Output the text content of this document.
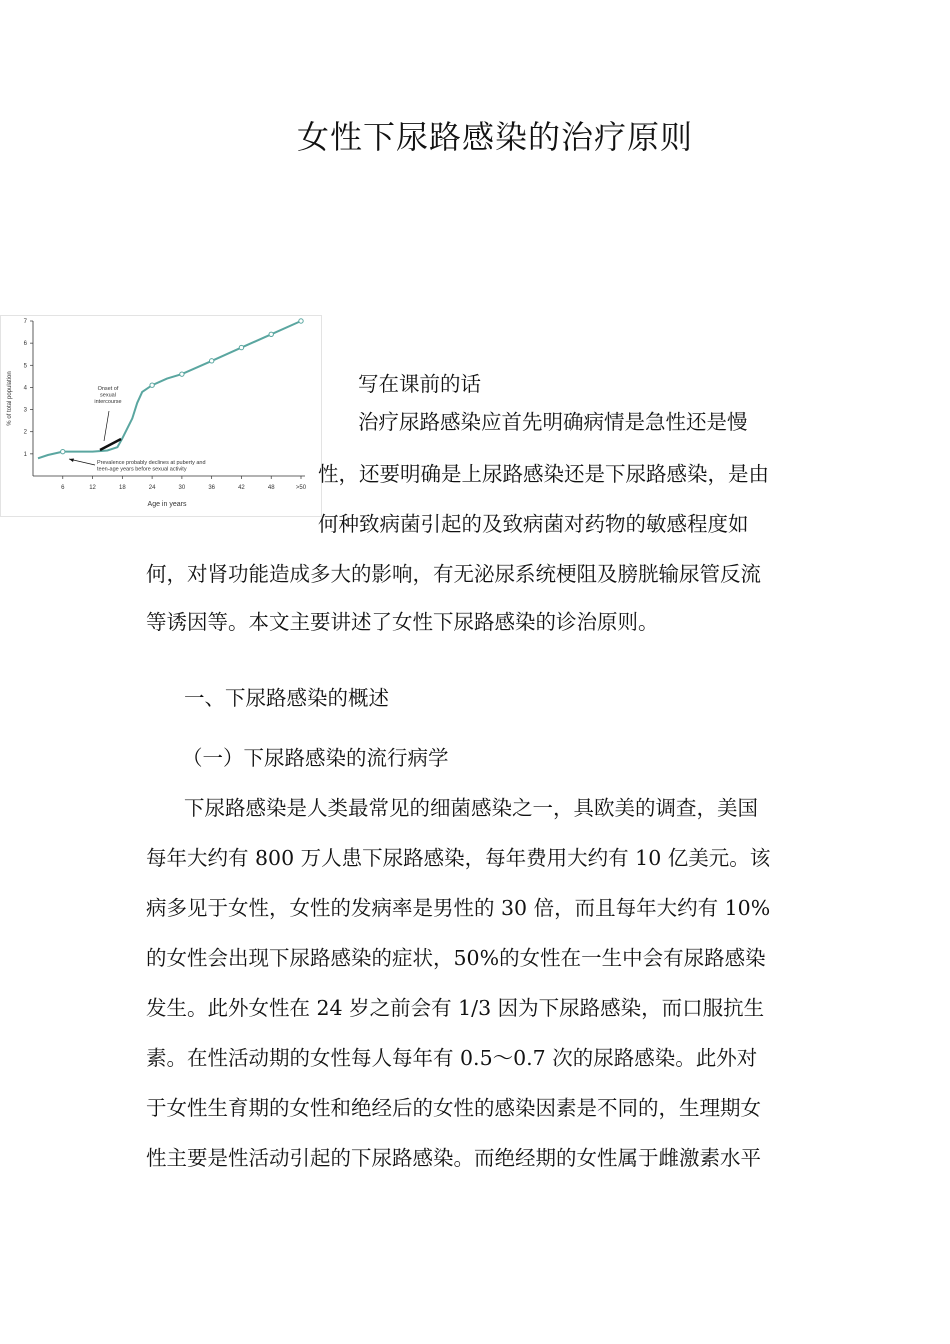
女性下尿路感染的治疗原则
1
2
3
4
5
6
7
6	12	18	24	30	36	42	48	>50
Onset of sexual intercourse
Prevalence probably declines at puberty and teen-age years before sexual activity
% of total population
Age in years
写在课前的话
治疗尿路感染应首先明确病情是急性还是慢
性，还要明确是上尿路感染还是下尿路感染，是由
何种致病菌引起的及致病菌对药物的敏感程度如
何，对肾功能造成多大的影响，有无泌尿系统梗阻及膀胱输尿管反流
等诱因等。本文主要讲述了女性下尿路感染的诊治原则。
一、下尿路感染的概述
（一）下尿路感染的流行病学
下尿路感染是人类最常见的细菌感染之一，具欧美的调查，美国
每年大约有 800 万人患下尿路感染，每年费用大约有 10 亿美元。该
病多见于女性，女性的发病率是男性的 30 倍，而且每年大约有 10%
的女性会出现下尿路感染的症状，50%的女性在一生中会有尿路感染
发生。此外女性在 24 岁之前会有 1/3 因为下尿路感染，而口服抗生
素。在性活动期的女性每人每年有 0.5～0.7 次的尿路感染。此外对
于女性生育期的女性和绝经后的女性的感染因素是不同的，生理期女
性主要是性活动引起的下尿路感染。而绝经期的女性属于雌激素水平
